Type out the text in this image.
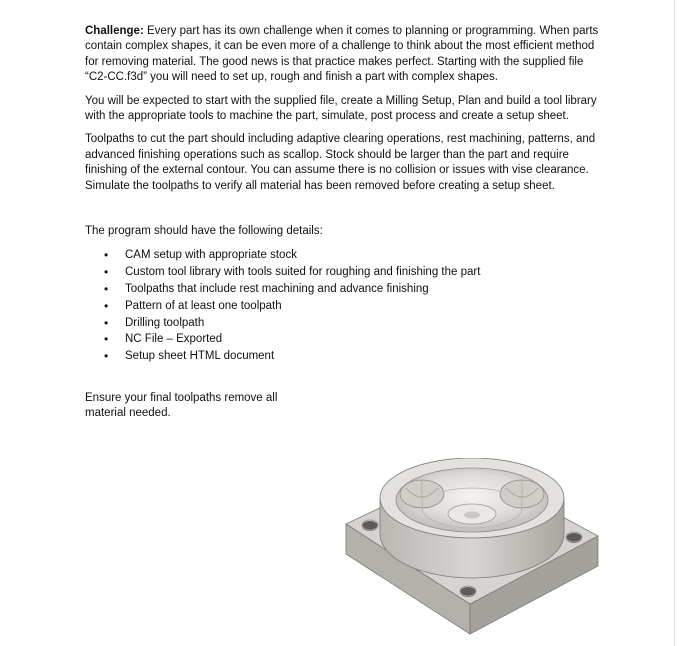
Challenge: Every part has its own challenge when it comes to planning or programming. When parts contain complex shapes, it can be even more of a challenge to think about the most efficient method for removing material. The good news is that practice makes perfect. Starting with the supplied file “C2-CC.f3d” you will need to set up, rough and finish a part with complex shapes.

You will be expected to start with the supplied file, create a Milling Setup, Plan and build a tool library with the appropriate tools to machine the part, simulate, post process and create a setup sheet.

Toolpaths to cut the part should including adaptive clearing operations, rest machining, patterns, and advanced finishing operations such as scallop. Stock should be larger than the part and require finishing of the external contour. You can assume there is no collision or issues with vise clearance. Simulate the toolpaths to verify all material has been removed before creating a setup sheet.

The program should have the following details:

• CAM setup with appropriate stock
• Custom tool library with tools suited for roughing and finishing the part
• Toolpaths that include rest machining and advance finishing
• Pattern of at least one toolpath
• Drilling toolpath
• NC File – Exported
• Setup sheet HTML document

Ensure your final toolpaths remove all material needed.
